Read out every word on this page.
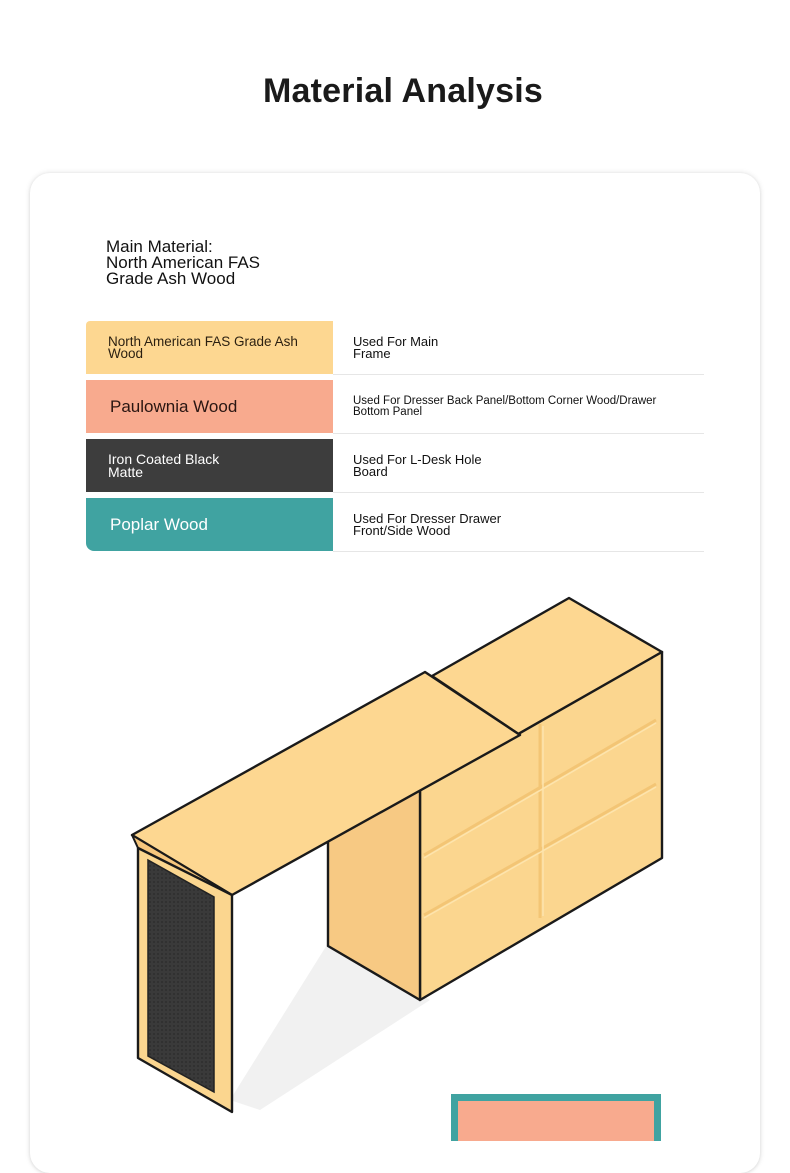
Material Analysis
Main Material:
North American FAS
Grade Ash Wood
North American FAS Grade Ash Wood
Used For Main Frame
Paulownia Wood	Used For Dresser Back Panel/Bottom Corner Wood/Drawer Bottom Panel
Iron Coated Black Matte
Used For L-Desk Hole Board
Poplar Wood	Used For Dresser Drawer Front/Side Wood
